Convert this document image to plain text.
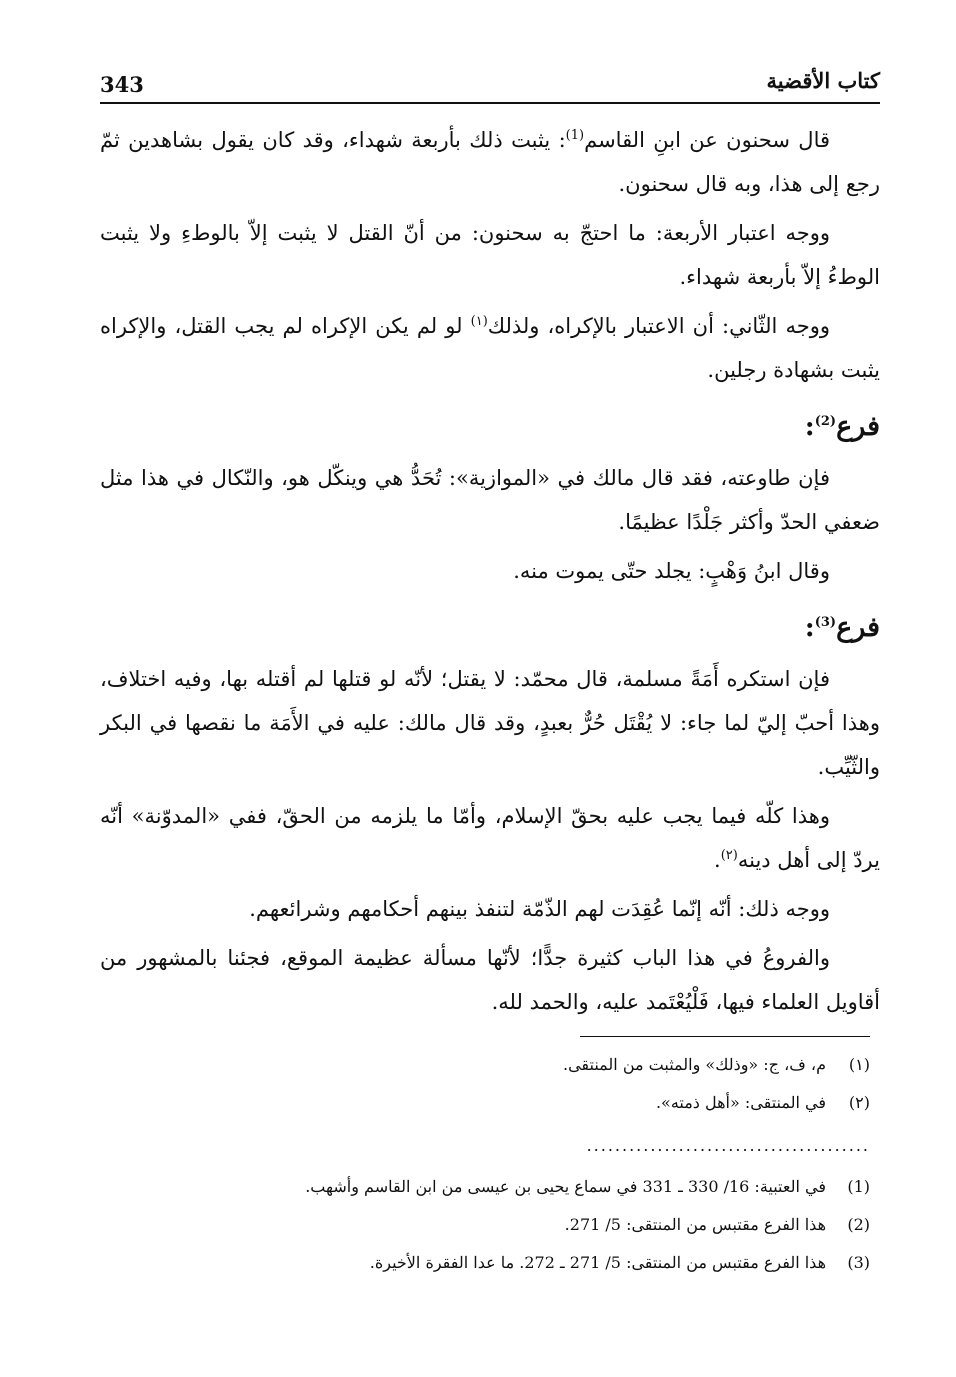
343	كتاب الأقضية

قال سحنون عن ابنِ القاسم$^{(1)}$: يثبت ذلك بأربعة شهداء، وقد كان يقول بشاهدين ثمّ رجع إلى هذا، وبه قال سحنون.

ووجه اعتبار الأربعة: ما احتجّ به سحنون: من أنّ القتل لا يثبت إلاّ بالوطءِ ولا يثبت الوطءُ إلاّ بأربعة شهداء.

ووجه الثّاني: أن الاعتبار بالإكراه، ولذلك$^{(١)}$ لو لم يكن الإكراه لم يجب القتل، والإكراه يثبت بشهادة رجلين.

فرع$^{(2)}$:

فإن طاوعته، فقد قال مالك في «الموازية»: تُحَدُّ هي وينكّل هو، والنّكال في هذا مثل ضعفي الحدّ وأكثر جَلْدًا عظيمًا.

وقال ابنُ وَهْبٍ: يجلد حتّى يموت منه.

فرع$^{(3)}$:

فإن استكره أَمَةً مسلمة، قال محمّد: لا يقتل؛ لأنّه لو قتلها لم أقتله بها، وفيه اختلاف، وهذا أحبّ إليّ لما جاء: لا يُقْتَل حُرٌّ بعبدٍ، وقد قال مالك: عليه في الأَمَة ما نقصها في البكر والثّيِّب.

وهذا كلّه فيما يجب عليه بحقّ الإسلام، وأمّا ما يلزمه من الحقّ، ففي «المدوّنة» أنّه يردّ إلى أهل دينه$^{(٢)}$.

ووجه ذلك: أنّه إنّما عُقِدَت لهم الذّمّة لتنفذ بينهم أحكامهم وشرائعهم.

والفروعُ في هذا الباب كثيرة جدًّا؛ لأنّها مسألة عظيمة الموقع، فجئنا بالمشهور من أقاويل العلماء فيها، فَلْيُعْتَمد عليه، والحمد لله.

(١)م، ف، ج: «وذلك» والمثبت من المنتقى.

(٢)في المنتقى: «أهل ذمته».

........................................

(1)في العتبية: 16/ 330 ـ 331 في سماع يحيى بن عيسى من ابن القاسم وأشهب.

(2)هذا الفرع مقتبس من المنتقى: 5/ 271.

(3)هذا الفرع مقتبس من المنتقى: 5/ 271 ـ 272. ما عدا الفقرة الأخيرة.
